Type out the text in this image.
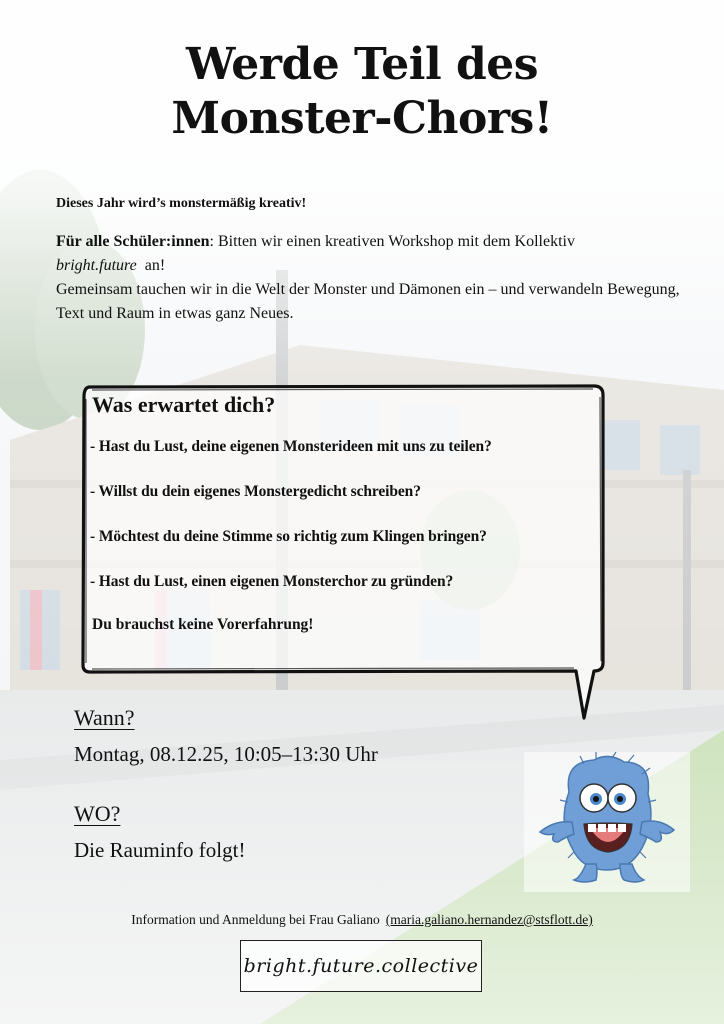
Werde Teil des
Monster-Chors!

Dieses Jahr wird’s monstermäßig kreativ!

Für alle Schüler:innen: Bitten wir einen kreativen Workshop mit dem Kollektiv
bright.future  an!

Gemeinsam tauchen wir in die Welt der Monster und Dämonen ein – und verwandeln Bewegung, Text und Raum in etwas ganz Neues.

Was erwartet dich?
- Hast du Lust, deine eigenen Monsterideen mit uns zu teilen?
- Willst du dein eigenes Monstergedicht schreiben?
- Möchtest du deine Stimme so richtig zum Klingen bringen?
- Hast du Lust, einen eigenen Monsterchor zu gründen?
Du brauchst keine Vorerfahrung!
Wann?

Montag, 08.12.25, 10:05–13:30 Uhr

WO?

Die Rauminfo folgt!

Information und Anmeldung bei Frau Galiano (maria.galiano.hernandez@stsflott.de)
bright.future.collective
